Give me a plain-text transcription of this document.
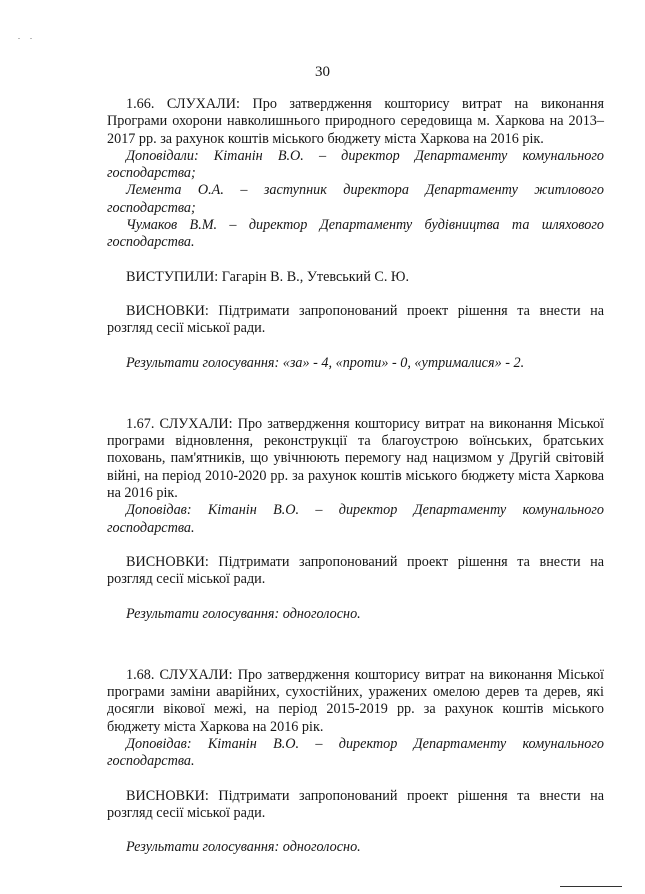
30

1.66. СЛУХАЛИ: Про затвердження кошторису витрат на виконання Програми охорони навколишнього природного середовища м. Харкова на 2013–2017 рр. за рахунок коштів міського бюджету міста Харкова на 2016 рік.

Доповідали: Кітанін В.О. – директор Департаменту комунального господарства;

Лемента О.А. – заступник директора Департаменту житлового господарства;

Чумаков В.М. – директор Департаменту будівництва та шляхового господарства.

ВИСТУПИЛИ: Гагарін В. В., Утевський С. Ю.

ВИСНОВКИ: Підтримати запропонований проект рішення та внести на розгляд сесії міської ради.

Результати голосування: «за» - 4, «проти» - 0, «утрималися» - 2.

1.67. СЛУХАЛИ: Про затвердження кошторису витрат на виконання Міської програми відновлення, реконструкції та благоустрою воїнських, братських поховань, пам'ятників, що увічнюють перемогу над нацизмом у Другій світовій війні, на період 2010-2020 рр. за рахунок коштів міського бюджету міста Харкова на 2016 рік.

Доповідав: Кітанін В.О. – директор Департаменту комунального господарства.

ВИСНОВКИ: Підтримати запропонований проект рішення та внести на розгляд сесії міської ради.

Результати голосування: одноголосно.

1.68. СЛУХАЛИ: Про затвердження кошторису витрат на виконання Міської програми заміни аварійних, сухостійних, уражених омелою дерев та дерев, які досягли вікової межі, на період 2015-2019 рр. за рахунок коштів міського бюджету міста Харкова на 2016 рік.

Доповідав: Кітанін В.О. – директор Департаменту комунального господарства.

ВИСНОВКИ: Підтримати запропонований проект рішення та внести на розгляд сесії міської ради.

Результати голосування: одноголосно.
